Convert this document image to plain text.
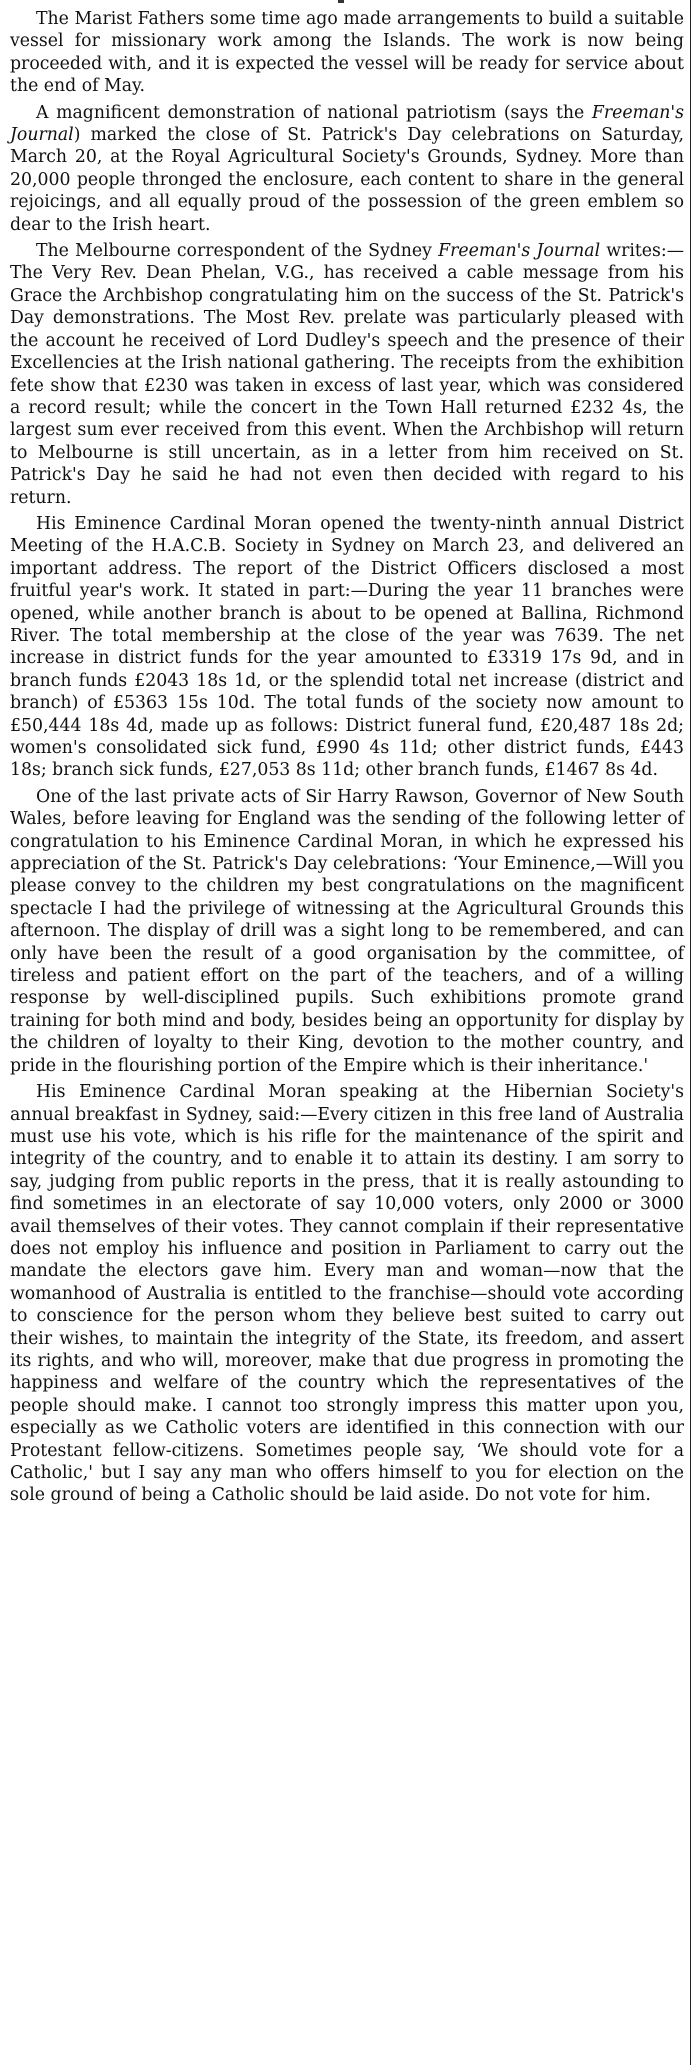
The Marist Fathers some time ago made arrangements to build a suitable vessel for missionary work among the Islands. The work is now being proceeded with, and it is expected the vessel will be ready for service about the end of May.

A magnificent demonstration of national patriotism (says the Freeman's Journal) marked the close of St. Patrick's Day celebrations on Saturday, March 20, at the Royal Agricultural Society's Grounds, Sydney. More than 20,000 people thronged the enclosure, each content to share in the general rejoicings, and all equally proud of the possession of the green emblem so dear to the Irish heart.

The Melbourne correspondent of the Sydney Freeman's Journal writes:—The Very Rev. Dean Phelan, V.G., has received a cable message from his Grace the Archbishop congratulating him on the success of the St. Patrick's Day demonstrations. The Most Rev. prelate was particularly pleased with the account he received of Lord Dudley's speech and the presence of their Excellencies at the Irish national gathering. The receipts from the exhibition fete show that £230 was taken in excess of last year, which was considered a record result; while the concert in the Town Hall returned £232 4s, the largest sum ever received from this event. When the Archbishop will return to Melbourne is still uncertain, as in a letter from him received on St. Patrick's Day he said he had not even then decided with regard to his return.

His Eminence Cardinal Moran opened the twenty-ninth annual District Meeting of the H.A.C.B. Society in Sydney on March 23, and delivered an important address. The report of the District Officers disclosed a most fruitful year's work. It stated in part:—During the year 11 branches were opened, while another branch is about to be opened at Ballina, Richmond River. The total membership at the close of the year was 7639. The net increase in district funds for the year amounted to £3319 17s 9d, and in branch funds £2043 18s 1d, or the splendid total net increase (district and branch) of £5363 15s 10d. The total funds of the society now amount to £50,444 18s 4d, made up as follows: District funeral fund, £20,487 18s 2d; women's consolidated sick fund, £990 4s 11d; other district funds, £443 18s; branch sick funds, £27,053 8s 11d; other branch funds, £1467 8s 4d.

One of the last private acts of Sir Harry Rawson, Governor of New South Wales, before leaving for England was the sending of the following letter of congratulation to his Eminence Cardinal Moran, in which he expressed his appreciation of the St. Patrick's Day celebrations: ‘Your Eminence,—Will you please convey to the children my best congratulations on the magnificent spectacle I had the privilege of witnessing at the Agricultural Grounds this afternoon. The display of drill was a sight long to be remembered, and can only have been the result of a good organisation by the committee, of tireless and patient effort on the part of the teachers, and of a willing response by well-disciplined pupils. Such exhibitions promote grand training for both mind and body, besides being an opportunity for display by the children of loyalty to their King, devotion to the mother country, and pride in the flourishing portion of the Empire which is their inheritance.'

His Eminence Cardinal Moran speaking at the Hibernian Society's annual breakfast in Sydney, said:—Every citizen in this free land of Australia must use his vote, which is his rifle for the maintenance of the spirit and integrity of the country, and to enable it to attain its destiny. I am sorry to say, judging from public reports in the press, that it is really astounding to find sometimes in an electorate of say 10,000 voters, only 2000 or 3000 avail themselves of their votes. They cannot complain if their representative does not employ his influence and position in Parliament to carry out the mandate the electors gave him. Every man and woman—now that the womanhood of Australia is entitled to the franchise—should vote according to conscience for the person whom they believe best suited to carry out their wishes, to maintain the integrity of the State, its freedom, and assert its rights, and who will, moreover, make that due progress in promoting the happiness and welfare of the country which the representatives of the people should make. I cannot too strongly impress this matter upon you, especially as we Catholic voters are identified in this connection with our Protestant fellow-citizens. Sometimes people say, ‘We should vote for a Catholic,' but I say any man who offers himself to you for election on the sole ground of being a Catholic should be laid aside. Do not vote for him.
